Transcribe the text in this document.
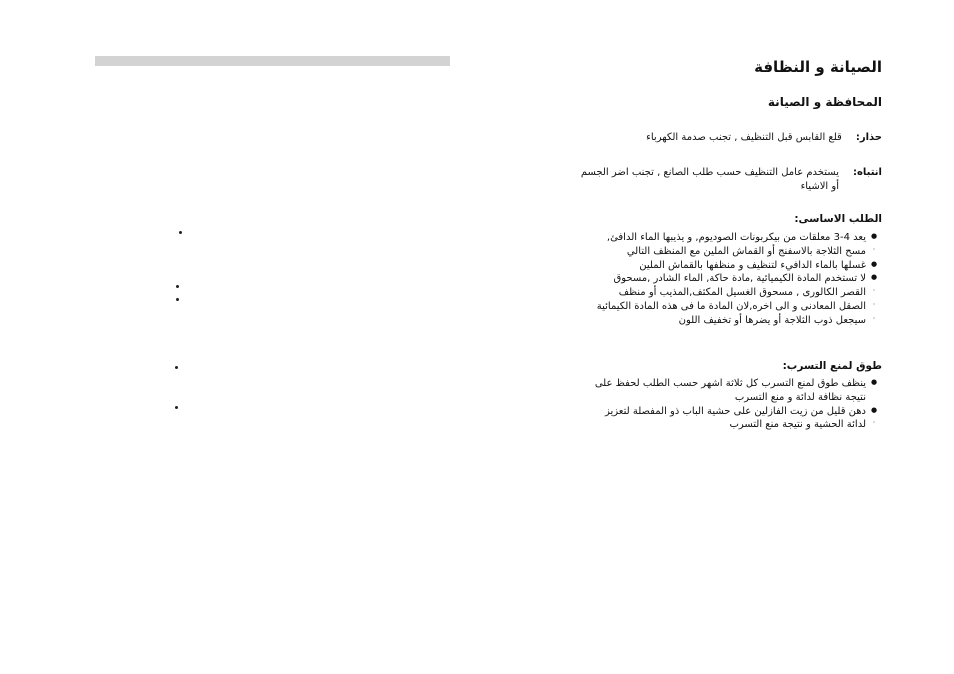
الصيانة و النظافة
المحافظة و الصيانة
حذار:
قلع القابس قبل التنظيف , تجنب صدمة الكهرباء
انتباه:
يستخدم عامل التنظيف حسب طلب الصانع , تجنب اضر الجسم
أو الاشياء
الطلب الاساسى:
●
يعد 4-3 معلقات من بيكربونات الصوديوم, و يذيبها الماء الدافئ,
'
مسح الثلاجة بالاسفنج أو القماش الملين مع المنظف التالي
●
غسلها بالماء الدافيء لتنظيف و منظفها بالقماش الملين
●
لا تستخدم المادة الكيميائية ,مادة حاكة, الماء الشادر ,مسحوق
'
القصر الكالورى , مسحوق الغسيل المكثف,المذيب أو منظف
'
الصقل المعادنى و الى اخره,لان المادة ما فى هذه المادة الكيمائية
'
سيجعل ذوب الثلاجة أو يضرها أو تخفيف اللون
طوق لمنع التسرب:
●
ينظف طوق لمنع التسرب كل ثلاثة اشهر حسب الطلب لحفظ على
نتيجة نظافة لدائة و منع التسرب
●
دهن قليل من زيت الفازلين على حشية الباب ذو المفصلة لتعزيز
'
لدائة الحشية و نتيجة منع التسرب
